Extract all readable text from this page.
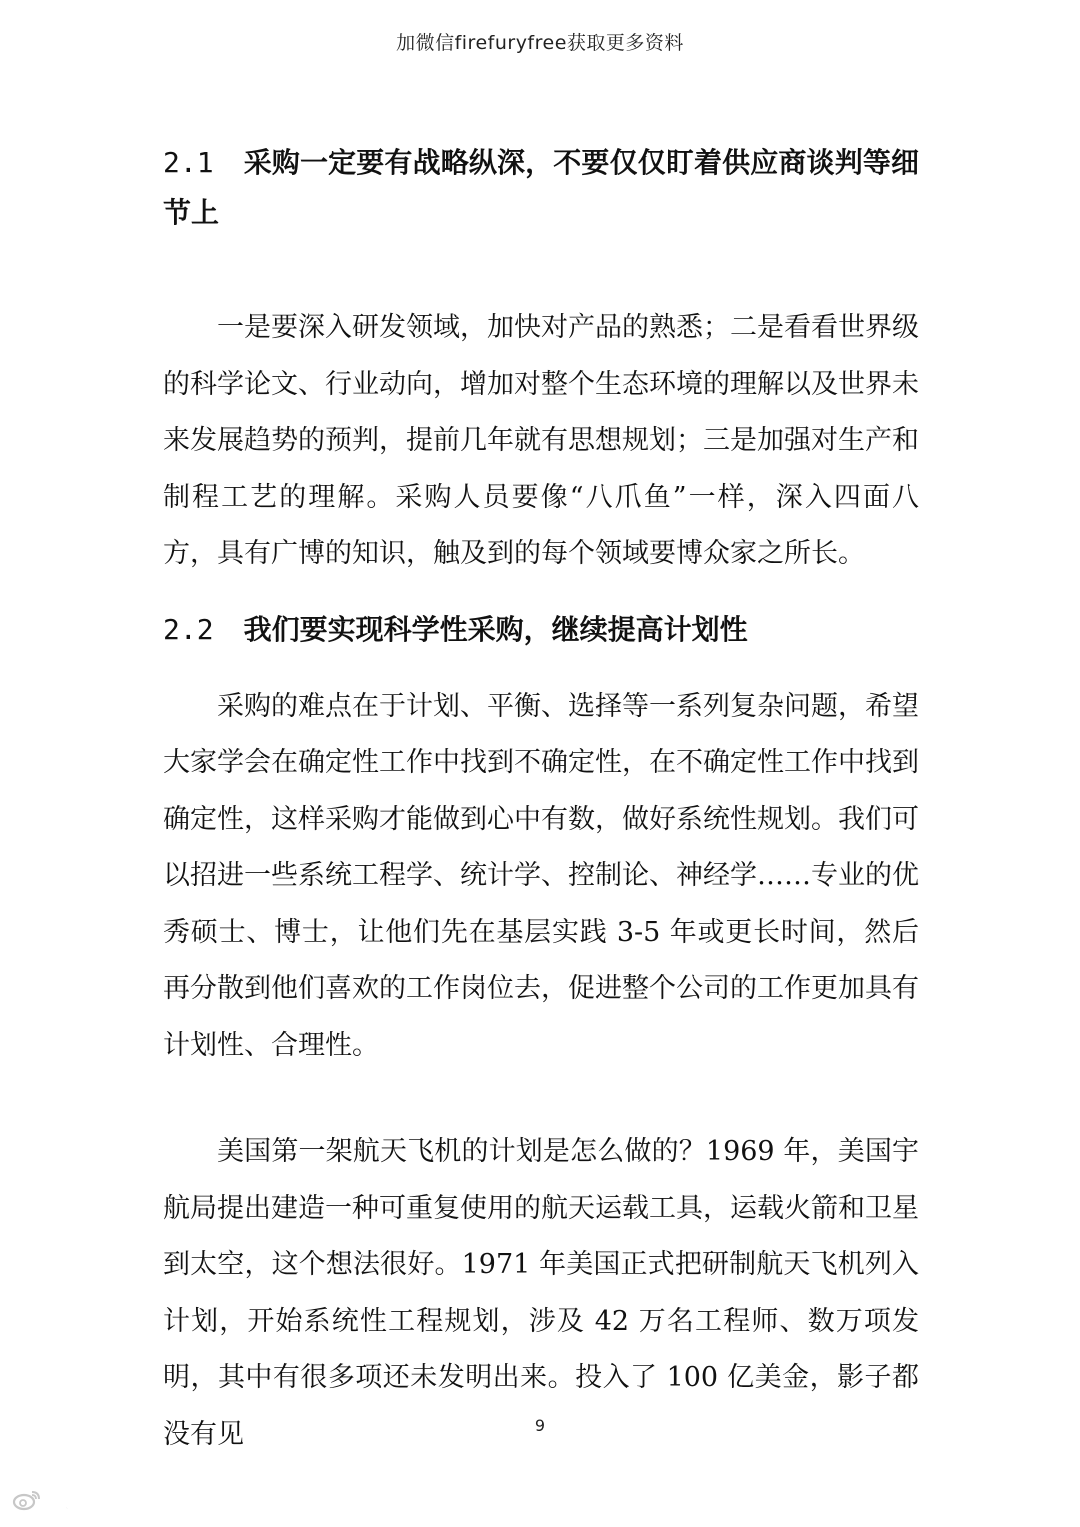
加微信firefuryfree获取更多资料
2.1 采购一定要有战略纵深，不要仅仅盯着供应商谈判等细节上

一是要深入研发领域，加快对产品的熟悉；二是看看世界级的科学论文、行业动向，增加对整个生态环境的理解以及世界未来发展趋势的预判，提前几年就有思想规划；三是加强对生产和制程工艺的理解。采购人员要像“八爪鱼”一样，深入四面八方，具有广博的知识，触及到的每个领域要博众家之所长。

2.2 我们要实现科学性采购，继续提高计划性

采购的难点在于计划、平衡、选择等一系列复杂问题，希望大家学会在确定性工作中找到不确定性，在不确定性工作中找到确定性，这样采购才能做到心中有数，做好系统性规划。我们可以招进一些系统工程学、统计学、控制论、神经学……专业的优秀硕士、博士，让他们先在基层实践 3-5 年或更长时间，然后再分散到他们喜欢的工作岗位去，促进整个公司的工作更加具有计划性、合理性。

美国第一架航天飞机的计划是怎么做的？1969 年，美国宇航局提出建造一种可重复使用的航天运载工具，运载火箭和卫星到太空，这个想法很好。1971 年美国正式把研制航天飞机列入计划，开始系统性工程规划，涉及 42 万名工程师、数万项发明，其中有很多项还未发明出来。投入了 100 亿美金，影子都没有见	9
大数跨境
